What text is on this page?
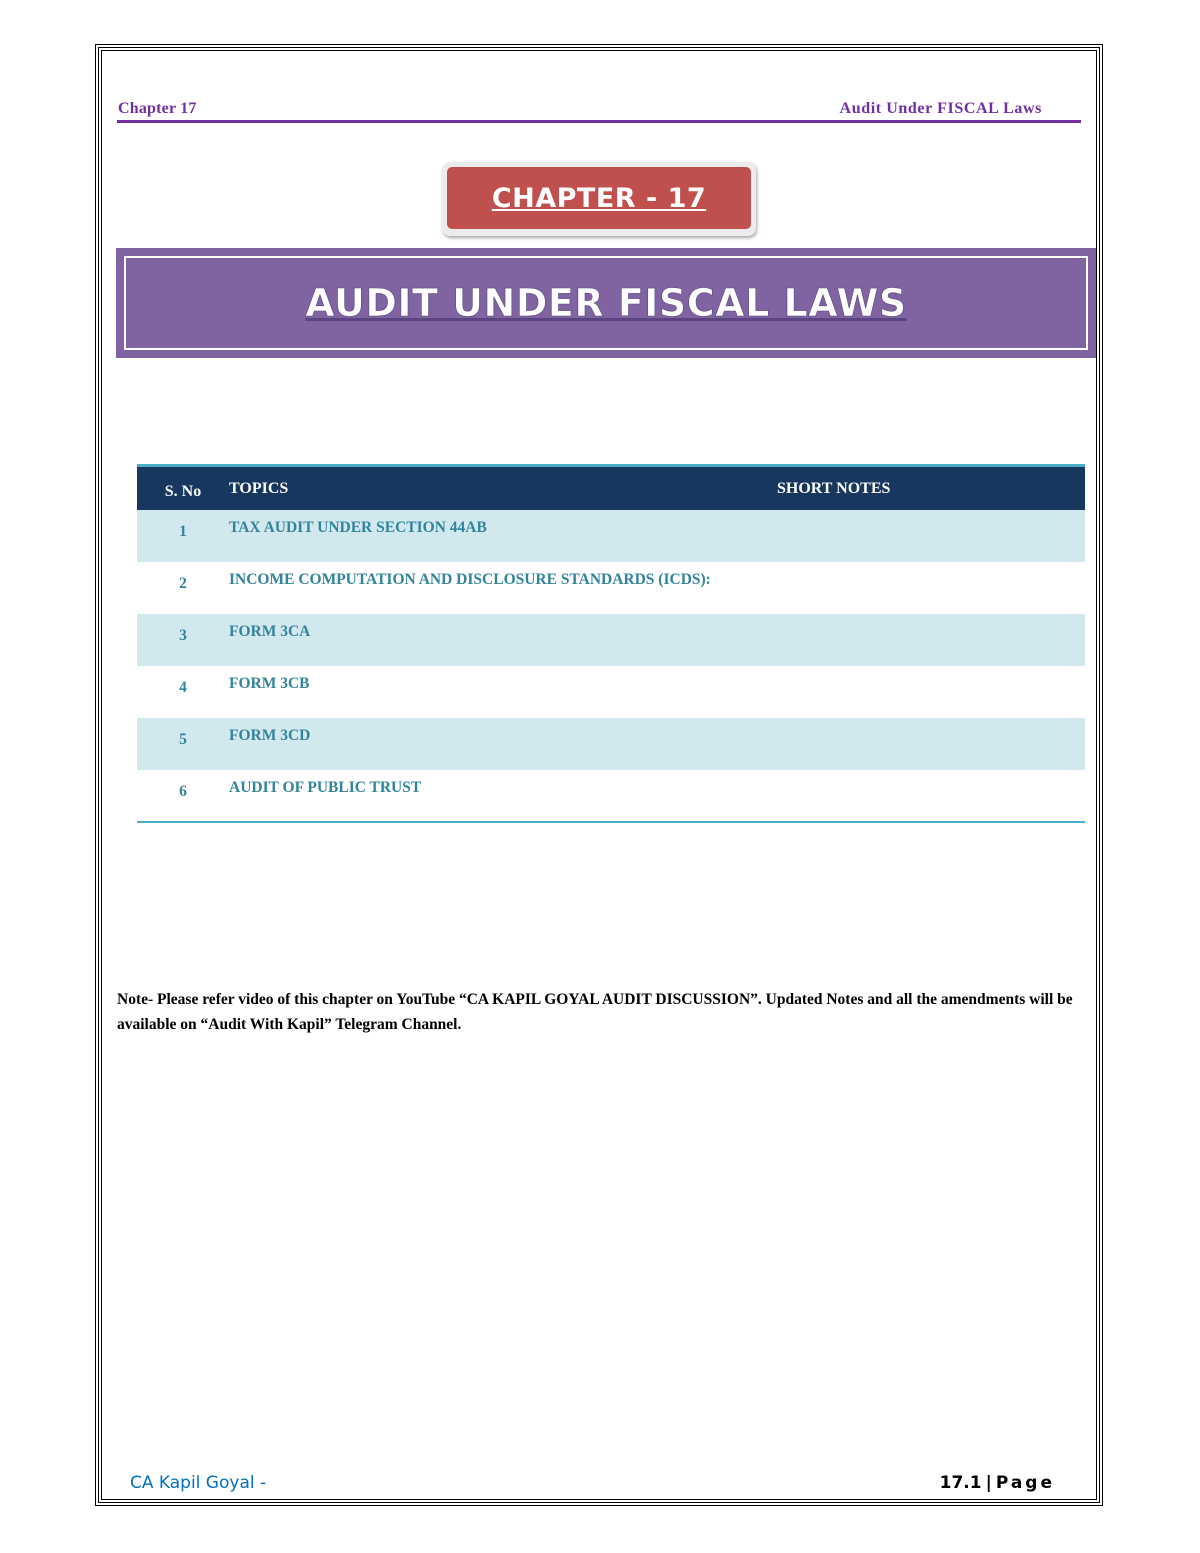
Chapter 17	Audit Under FISCAL Laws
CHAPTER - 17
AUDIT UNDER FISCAL LAWS
S. No	TOPICS	SHORT NOTES
1	TAX AUDIT UNDER SECTION 44AB	
2	INCOME COMPUTATION AND DISCLOSURE STANDARDS (ICDS):	
3	FORM 3CA	
4	FORM 3CB	
5	FORM 3CD	
6	AUDIT OF PUBLIC TRUST	
Note- Please refer video of this chapter on YouTube “CA KAPIL GOYAL AUDIT DISCUSSION”. Updated Notes and all the amendments will be available on “Audit With Kapil” Telegram Channel.
CA Kapil Goyal -	17.1 | Page
